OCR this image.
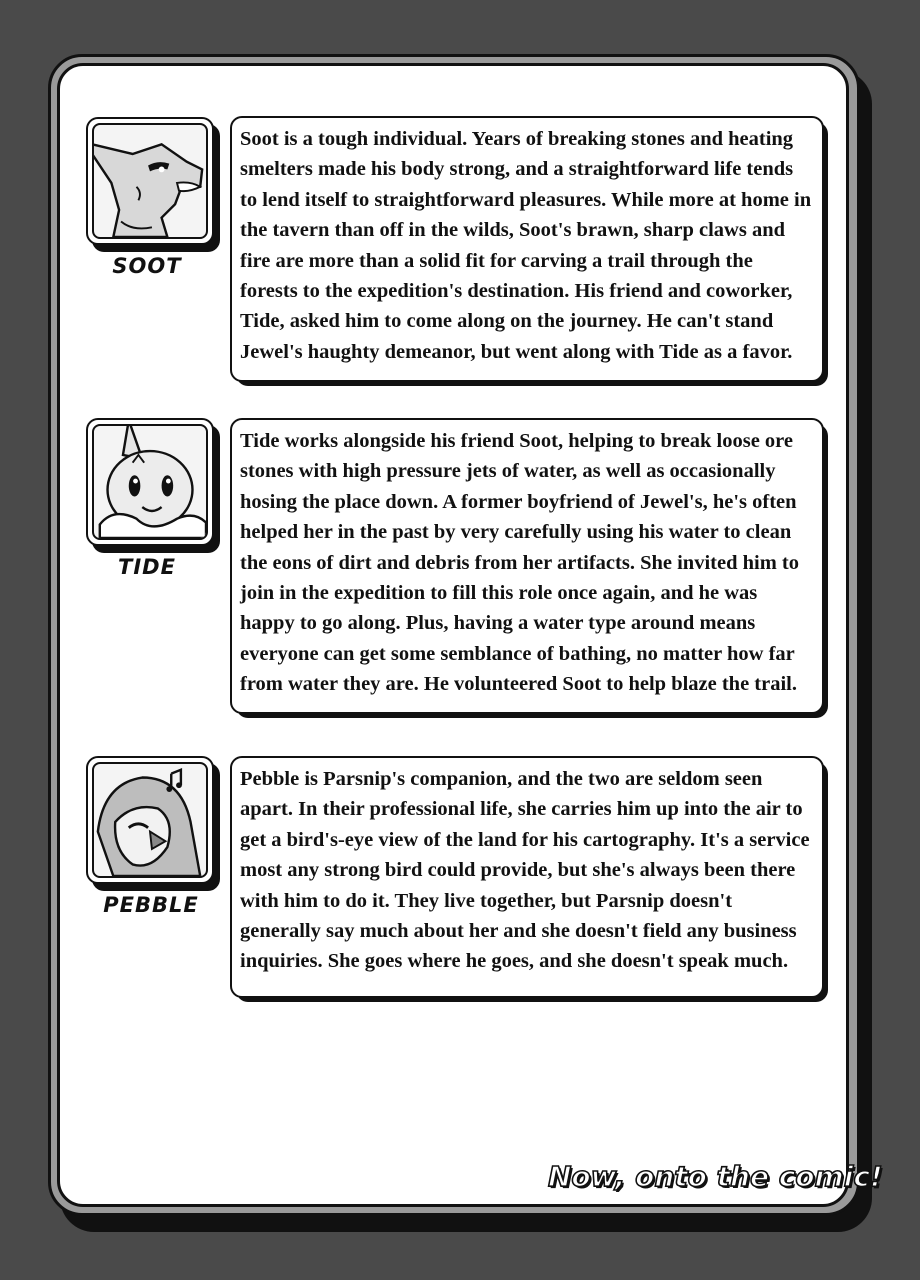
SOOT

Soot is a tough individual. Years of breaking stones and heating smelters made his body strong, and a straightforward life tends to lend itself to straightforward pleasures. While more at home in the tavern than off in the wilds, Soot's brawn, sharp claws and fire are more than a solid fit for carving a trail through the forests to the expedition's destination. His friend and coworker, Tide, asked him to come along on the journey. He can't stand Jewel's haughty demeanor, but went along with Tide as a favor.

TIDE

Tide works alongside his friend Soot, helping to break loose ore stones with high pressure jets of water, as well as occasionally hosing the place down. A former boyfriend of Jewel's, he's often helped her in the past by very carefully using his water to clean the eons of dirt and debris from her artifacts. She invited him to join in the expedition to fill this role once again, and he was happy to go along. Plus, having a water type around means everyone can get some semblance of bathing, no matter how far from water they are. He volunteered Soot to help blaze the trail.

PEBBLE

Pebble is Parsnip's companion, and the two are seldom seen apart. In their professional life, she carries him up into the air to get a bird's-eye view of the land for his cartography. It's a service most any strong bird could provide, but she's always been there with him to do it. They live together, but Parsnip doesn't generally say much about her and she doesn't field any business inquiries. She goes where he goes, and she doesn't speak much.

Now, onto the comic!
